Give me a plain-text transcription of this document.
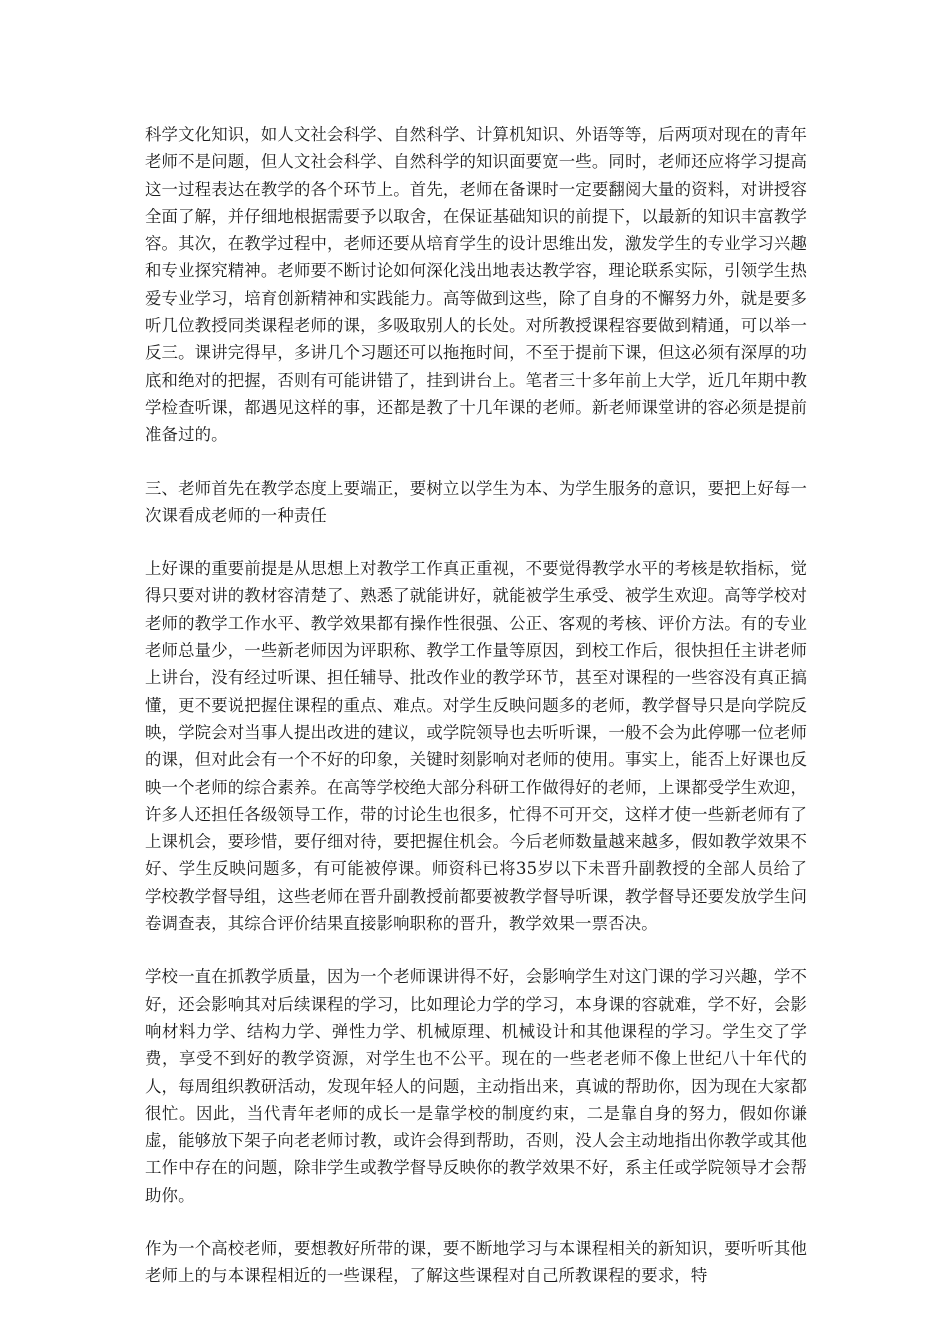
科学文化知识，如人文社会科学、自然科学、计算机知识、外语等等，后两项对现在的青年老师不是问题，但人文社会科学、自然科学的知识面要宽一些。同时，老师还应将学习提高这一过程表达在教学的各个环节上。首先，老师在备课时一定要翻阅大量的资料，对讲授容全面了解，并仔细地根据需要予以取舍，在保证基础知识的前提下，以最新的知识丰富教学容。其次，在教学过程中，老师还要从培育学生的设计思维出发，激发学生的专业学习兴趣和专业探究精神。老师要不断讨论如何深化浅出地表达教学容，理论联系实际，引领学生热爱专业学习，培育创新精神和实践能力。高等做到这些，除了自身的不懈努力外，就是要多听几位教授同类课程老师的课，多吸取别人的长处。对所教授课程容要做到精通，可以举一反三。课讲完得早，多讲几个习题还可以拖拖时间，不至于提前下课，但这必须有深厚的功底和绝对的把握，否则有可能讲错了，挂到讲台上。笔者三十多年前上大学，近几年期中教学检查听课，都遇见这样的事，还都是教了十几年课的老师。新老师课堂讲的容必须是提前准备过的。

三、老师首先在教学态度上要端正，要树立以学生为本、为学生服务的意识，要把上好每一次课看成老师的一种责任

上好课的重要前提是从思想上对教学工作真正重视，不要觉得教学水平的考核是软指标，觉得只要对讲的教材容清楚了、熟悉了就能讲好，就能被学生承受、被学生欢迎。高等学校对老师的教学工作水平、教学效果都有操作性很强、公正、客观的考核、评价方法。有的专业老师总量少，一些新老师因为评职称、教学工作量等原因，到校工作后，很快担任主讲老师上讲台，没有经过听课、担任辅导、批改作业的教学环节，甚至对课程的一些容没有真正搞懂，更不要说把握住课程的重点、难点。对学生反映问题多的老师，教学督导只是向学院反映，学院会对当事人提出改进的建议，或学院领导也去听听课，一般不会为此停哪一位老师的课，但对此会有一个不好的印象，关键时刻影响对老师的使用。事实上，能否上好课也反映一个老师的综合素养。在高等学校绝大部分科研工作做得好的老师，上课都受学生欢迎，许多人还担任各级领导工作，带的讨论生也很多，忙得不可开交，这样才使一些新老师有了上课机会，要珍惜，要仔细对待，要把握住机会。今后老师数量越来越多，假如教学效果不好、学生反映问题多，有可能被停课。师资科已将35岁以下未晋升副教授的全部人员给了学校教学督导组，这些老师在晋升副教授前都要被教学督导听课，教学督导还要发放学生问卷调查表，其综合评价结果直接影响职称的晋升，教学效果一票否决。

学校一直在抓教学质量，因为一个老师课讲得不好，会影响学生对这门课的学习兴趣，学不好，还会影响其对后续课程的学习，比如理论力学的学习，本身课的容就难，学不好，会影响材料力学、结构力学、弹性力学、机械原理、机械设计和其他课程的学习。学生交了学费，享受不到好的教学资源，对学生也不公平。现在的一些老老师不像上世纪八十年代的人，每周组织教研活动，发现年轻人的问题，主动指出来，真诚的帮助你，因为现在大家都很忙。因此，当代青年老师的成长一是靠学校的制度约束，二是靠自身的努力，假如你谦虚，能够放下架子向老老师讨教，或许会得到帮助，否则，没人会主动地指出你教学或其他工作中存在的问题，除非学生或教学督导反映你的教学效果不好，系主任或学院领导才会帮助你。

作为一个高校老师，要想教好所带的课，要不断地学习与本课程相关的新知识，要听听其他老师上的与本课程相近的一些课程，了解这些课程对自己所教课程的要求，特
